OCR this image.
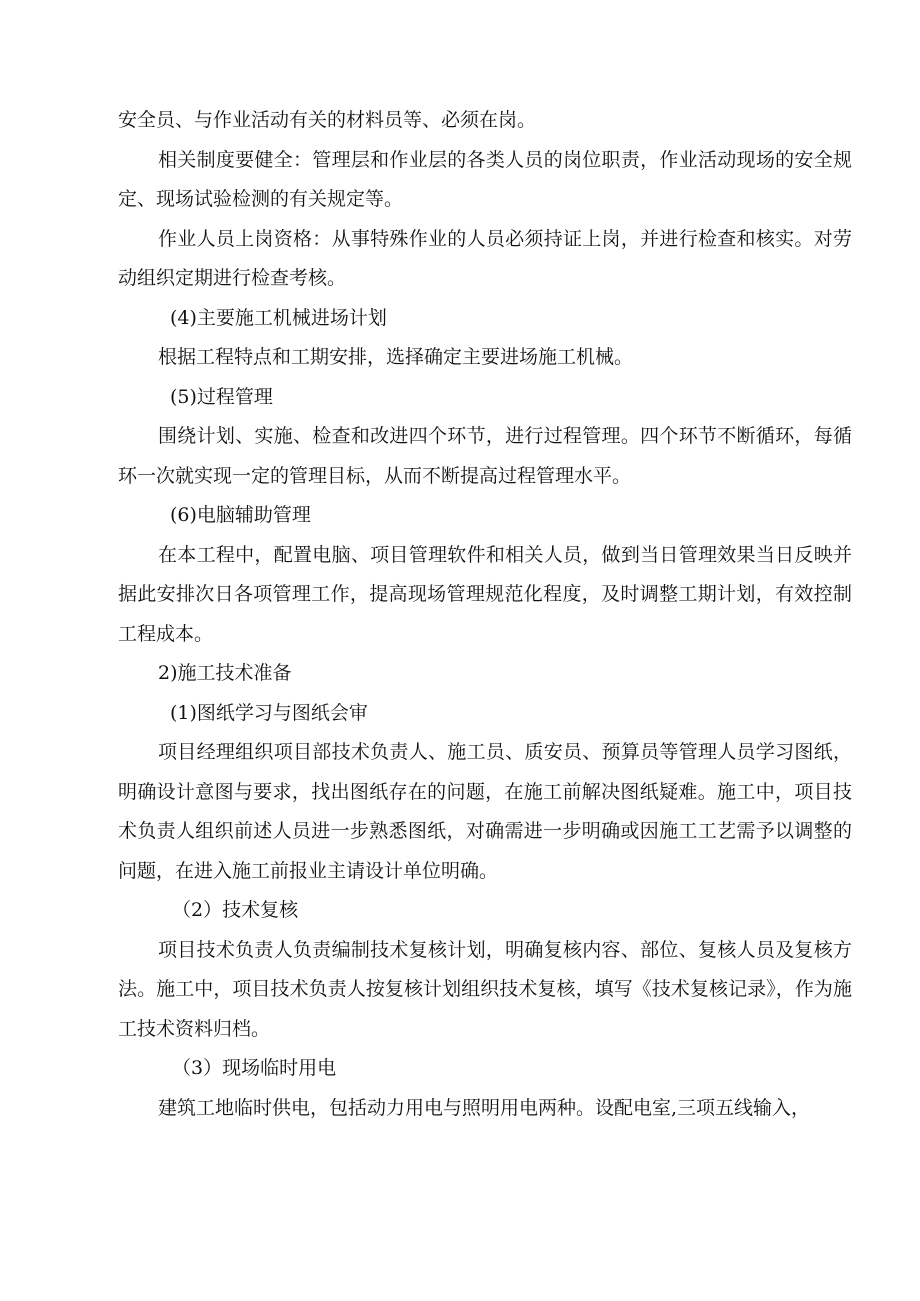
安全员、与作业活动有关的材料员等、必须在岗。

相关制度要健全：管理层和作业层的各类人员的岗位职责，作业活动现场的安全规定、现场试验检测的有关规定等。

作业人员上岗资格：从事特殊作业的人员必须持证上岗，并进行检查和核实。对劳动组织定期进行检查考核。

(4)主要施工机械进场计划

根据工程特点和工期安排，选择确定主要进场施工机械。

(5)过程管理

围绕计划、实施、检查和改进四个环节，进行过程管理。四个环节不断循环，每循环一次就实现一定的管理目标，从而不断提高过程管理水平。

(6)电脑辅助管理

在本工程中，配置电脑、项目管理软件和相关人员，做到当日管理效果当日反映并据此安排次日各项管理工作，提高现场管理规范化程度，及时调整工期计划，有效控制工程成本。

2)施工技术准备

(1)图纸学习与图纸会审

项目经理组织项目部技术负责人、施工员、质安员、预算员等管理人员学习图纸，明确设计意图与要求，找出图纸存在的问题，在施工前解决图纸疑难。施工中，项目技术负责人组织前述人员进一步熟悉图纸，对确需进一步明确或因施工工艺需予以调整的问题，在进入施工前报业主请设计单位明确。

（2）技术复核

项目技术负责人负责编制技术复核计划，明确复核内容、部位、复核人员及复核方法。施工中，项目技术负责人按复核计划组织技术复核，填写《技术复核记录》，作为施工技术资料归档。

（3）现场临时用电

建筑工地临时供电，包括动力用电与照明用电两种。设配电室,三项五线输入，
